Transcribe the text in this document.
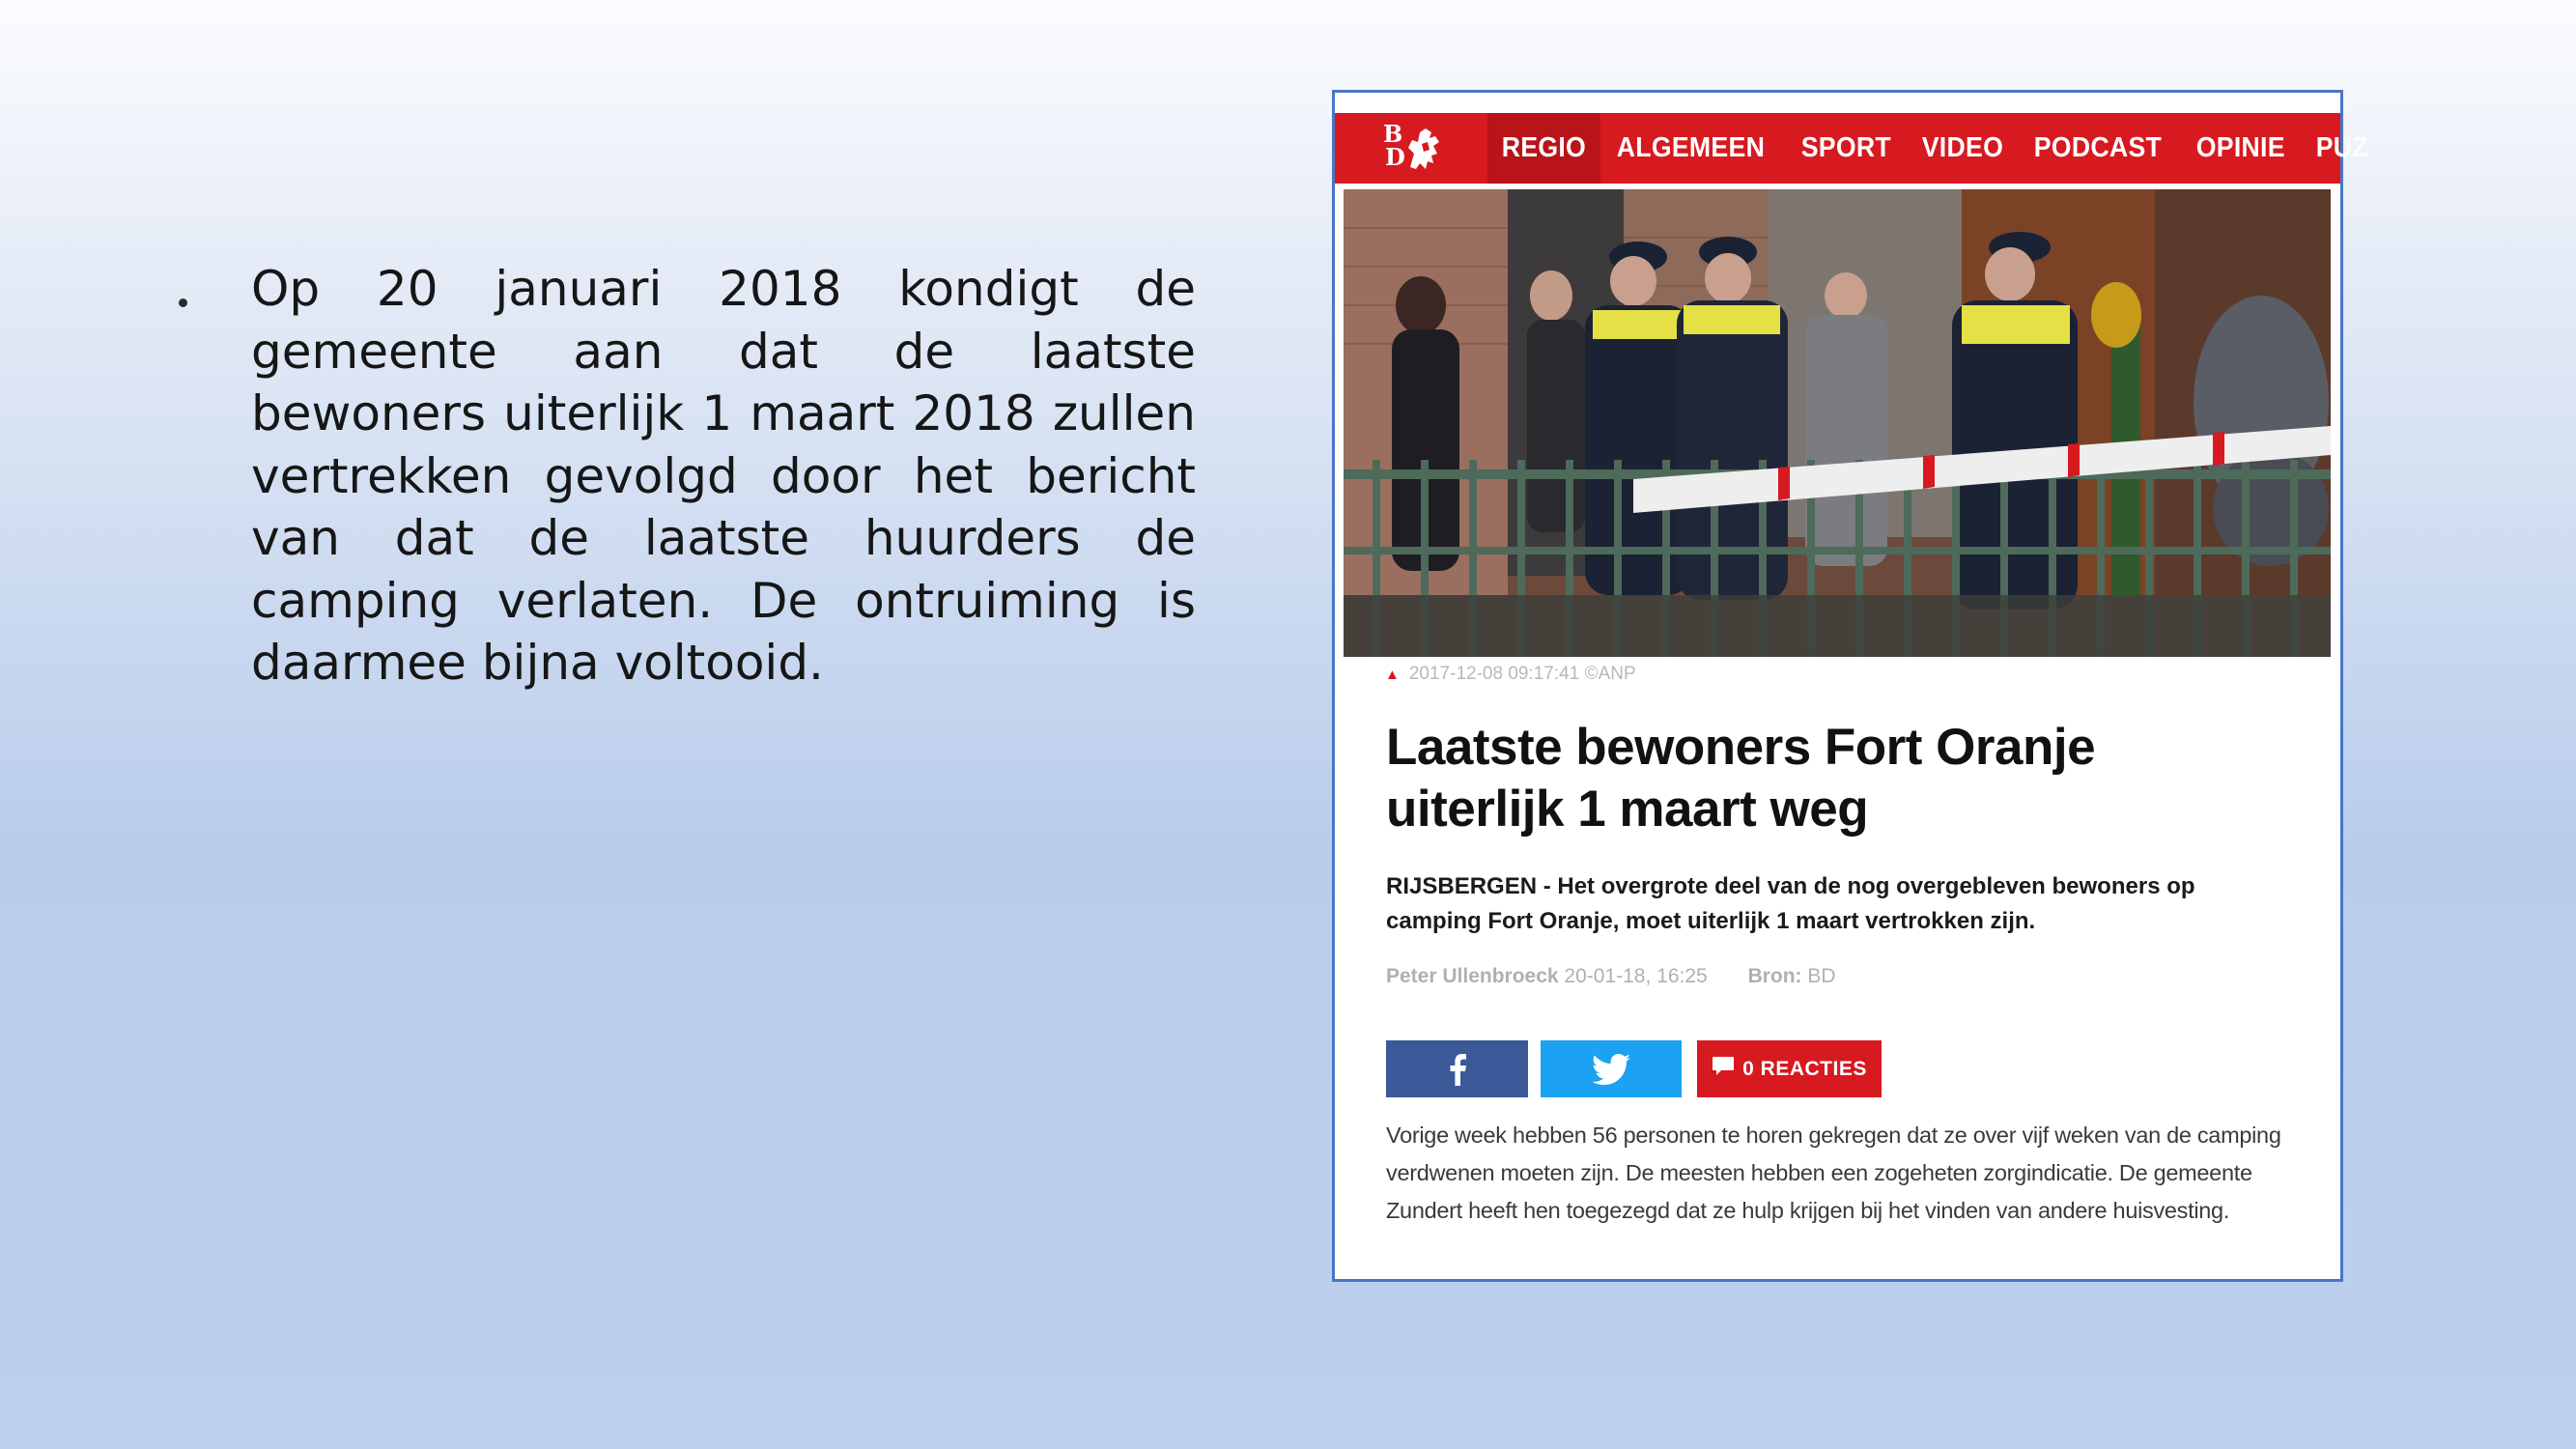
Op 20 januari 2018 kondigt de gemeente aan dat de laatste bewoners uiterlijk 1 maart 2018 zullen vertrekken gevolgd door het bericht van dat de laatste huurders de camping verlaten. De ontruiming is daarmee bijna voltooid.
B
D	REGIO	ALGEMEEN	SPORT	VIDEO	PODCAST	OPINIE	PUZ
▲ 2017-12-08 09:17:41 ©ANP
Laatste bewoners Fort Oranje uiterlijk 1 maart weg
RIJSBERGEN - Het overgrote deel van de nog overgebleven bewoners op camping Fort Oranje, moet uiterlijk 1 maart vertrokken zijn.
Peter Ullenbroeck 20-01-18, 16:25 Bron: BD
0 REACTIES
Vorige week hebben 56 personen te horen gekregen dat ze over vijf weken van de camping verdwenen moeten zijn. De meesten hebben een zogeheten zorgindicatie. De gemeente Zundert heeft hen toegezegd dat ze hulp krijgen bij het vinden van andere huisvesting.
